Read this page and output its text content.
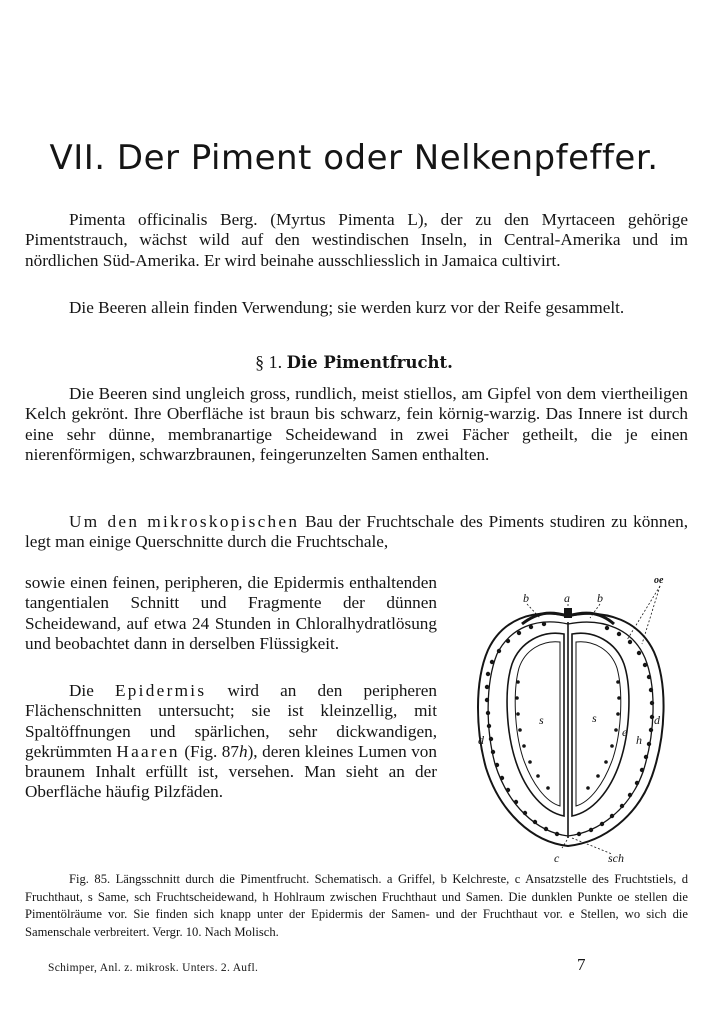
VII. Der Piment oder Nelkenpfeffer.

Pimenta officinalis Berg. (Myrtus Pimenta L), der zu den Myrtaceen gehörige Pimentstrauch, wächst wild auf den westindischen Inseln, in Central-Amerika und im nördlichen Süd-Amerika. Er wird beinahe ausschliesslich in Jamaica cultivirt.

Die Beeren allein finden Verwendung; sie werden kurz vor der Reife gesammelt.

§ 1. Die Pimentfrucht.

Die Beeren sind ungleich gross, rundlich, meist stiellos, am Gipfel von dem viertheiligen Kelch gekrönt. Ihre Oberfläche ist braun bis schwarz, fein körnig-warzig. Das Innere ist durch eine sehr dünne, membranartige Scheidewand in zwei Fächer getheilt, die je einen nierenförmigen, schwarzbraunen, feingerunzelten Samen enthalten.

Um den mikroskopischen Bau der Fruchtschale des Piments studiren zu können, legt man einige Querschnitte durch die Fruchtschale,

sowie einen feinen, peripheren, die Epidermis enthaltenden tangentialen Schnitt und Fragmente der dünnen Scheidewand, auf etwa 24 Stunden in Chloralhydratlösung und beobachtet dann in derselben Flüssigkeit.

Die Epidermis wird an den peripheren Flächenschnitten untersucht; sie ist kleinzellig, mit Spaltöffnungen und spärlichen, sehr dickwandigen, gekrümmten Haaren (Fig. 87h), deren kleines Lumen von braunem Inhalt erfüllt ist, versehen. Man sieht an der Oberfläche häufig Pilzfäden.

b	a b
oe
d
d	h
e
s	s
c	sch

Fig. 85. Längsschnitt durch die Pimentfrucht. Schematisch. a Griffel, b Kelchreste, c Ansatzstelle des Fruchtstiels, d Fruchthaut, s Same, sch Fruchtscheidewand, h Hohlraum zwischen Fruchthaut und Samen. Die dunklen Punkte oe stellen die Pimentölräume vor. Sie finden sich knapp unter der Epidermis der Samen- und der Fruchthaut vor. e Stellen, wo sich die Samenschale verbreitert. Vergr. 10. Nach Molisch.

Schimper, Anl. z. mikrosk. Unters. 2. Aufl.	7
